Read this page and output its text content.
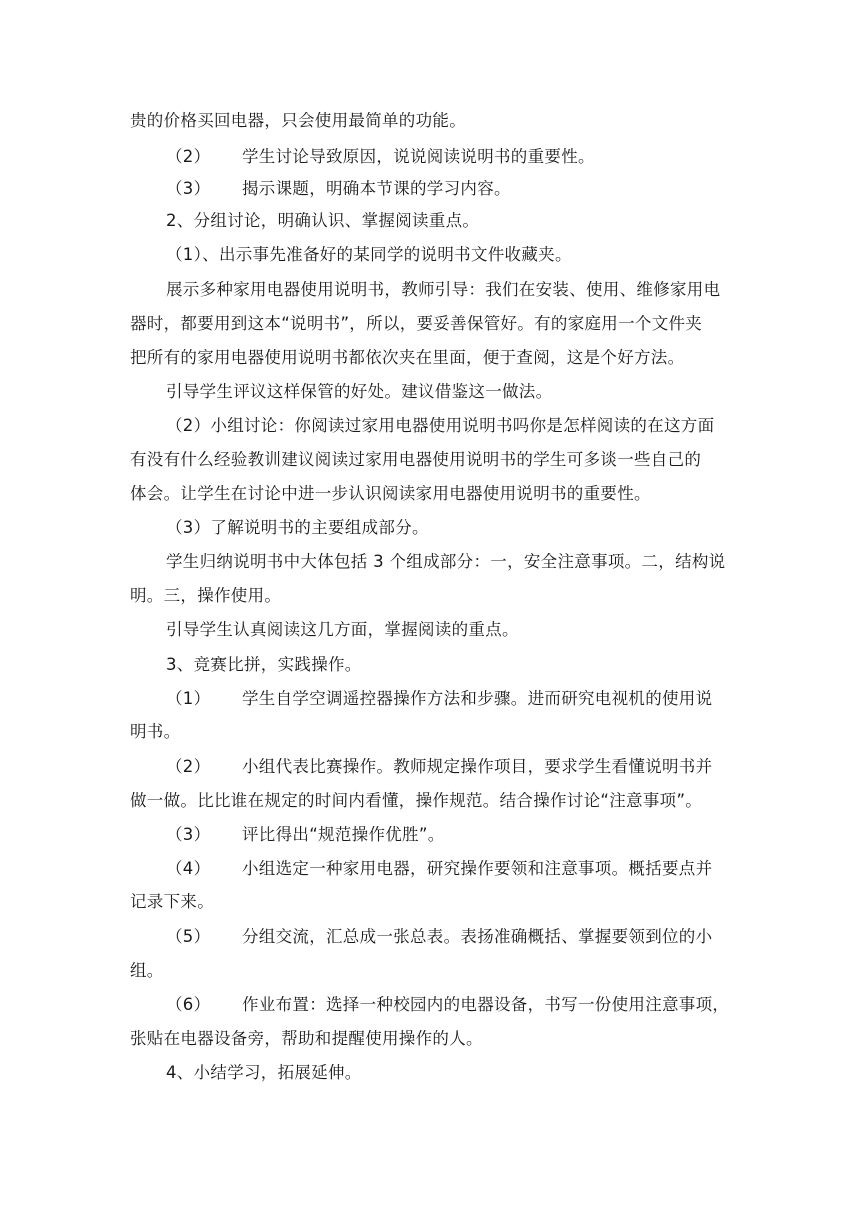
贵的价格买回电器，只会使用最简单的功能。
（2） 学生讨论导致原因，说说阅读说明书的重要性。
（3） 揭示课题，明确本节课的学习内容。
2、分组讨论，明确认识、掌握阅读重点。
（1）、出示事先准备好的某同学的说明书文件收藏夹。
展示多种家用电器使用说明书，教师引导：我们在安装、使用、维修家用电
器时，都要用到这本“说明书”，所以，要妥善保管好。有的家庭用一个文件夹
把所有的家用电器使用说明书都依次夹在里面，便于查阅，这是个好方法。
引导学生评议这样保管的好处。建议借鉴这一做法。
（2）小组讨论：你阅读过家用电器使用说明书吗你是怎样阅读的在这方面
有没有什么经验教训建议阅读过家用电器使用说明书的学生可多谈一些自己的
体会。让学生在讨论中进一步认识阅读家用电器使用说明书的重要性。
（3）了解说明书的主要组成部分。
学生归纳说明书中大体包括 3 个组成部分：一，安全注意事项。二，结构说
明。三，操作使用。
引导学生认真阅读这几方面，掌握阅读的重点。
3、竞赛比拼，实践操作。
（1） 学生自学空调遥控器操作方法和步骤。进而研究电视机的使用说
明书。
（2） 小组代表比赛操作。教师规定操作项目，要求学生看懂说明书并
做一做。比比谁在规定的时间内看懂，操作规范。结合操作讨论“注意事项”。
（3） 评比得出“规范操作优胜”。
（4） 小组选定一种家用电器，研究操作要领和注意事项。概括要点并
记录下来。
（5） 分组交流，汇总成一张总表。表扬准确概括、掌握要领到位的小
组。
（6） 作业布置：选择一种校园内的电器设备，书写一份使用注意事项，
张贴在电器设备旁，帮助和提醒使用操作的人。
4、小结学习，拓展延伸。
